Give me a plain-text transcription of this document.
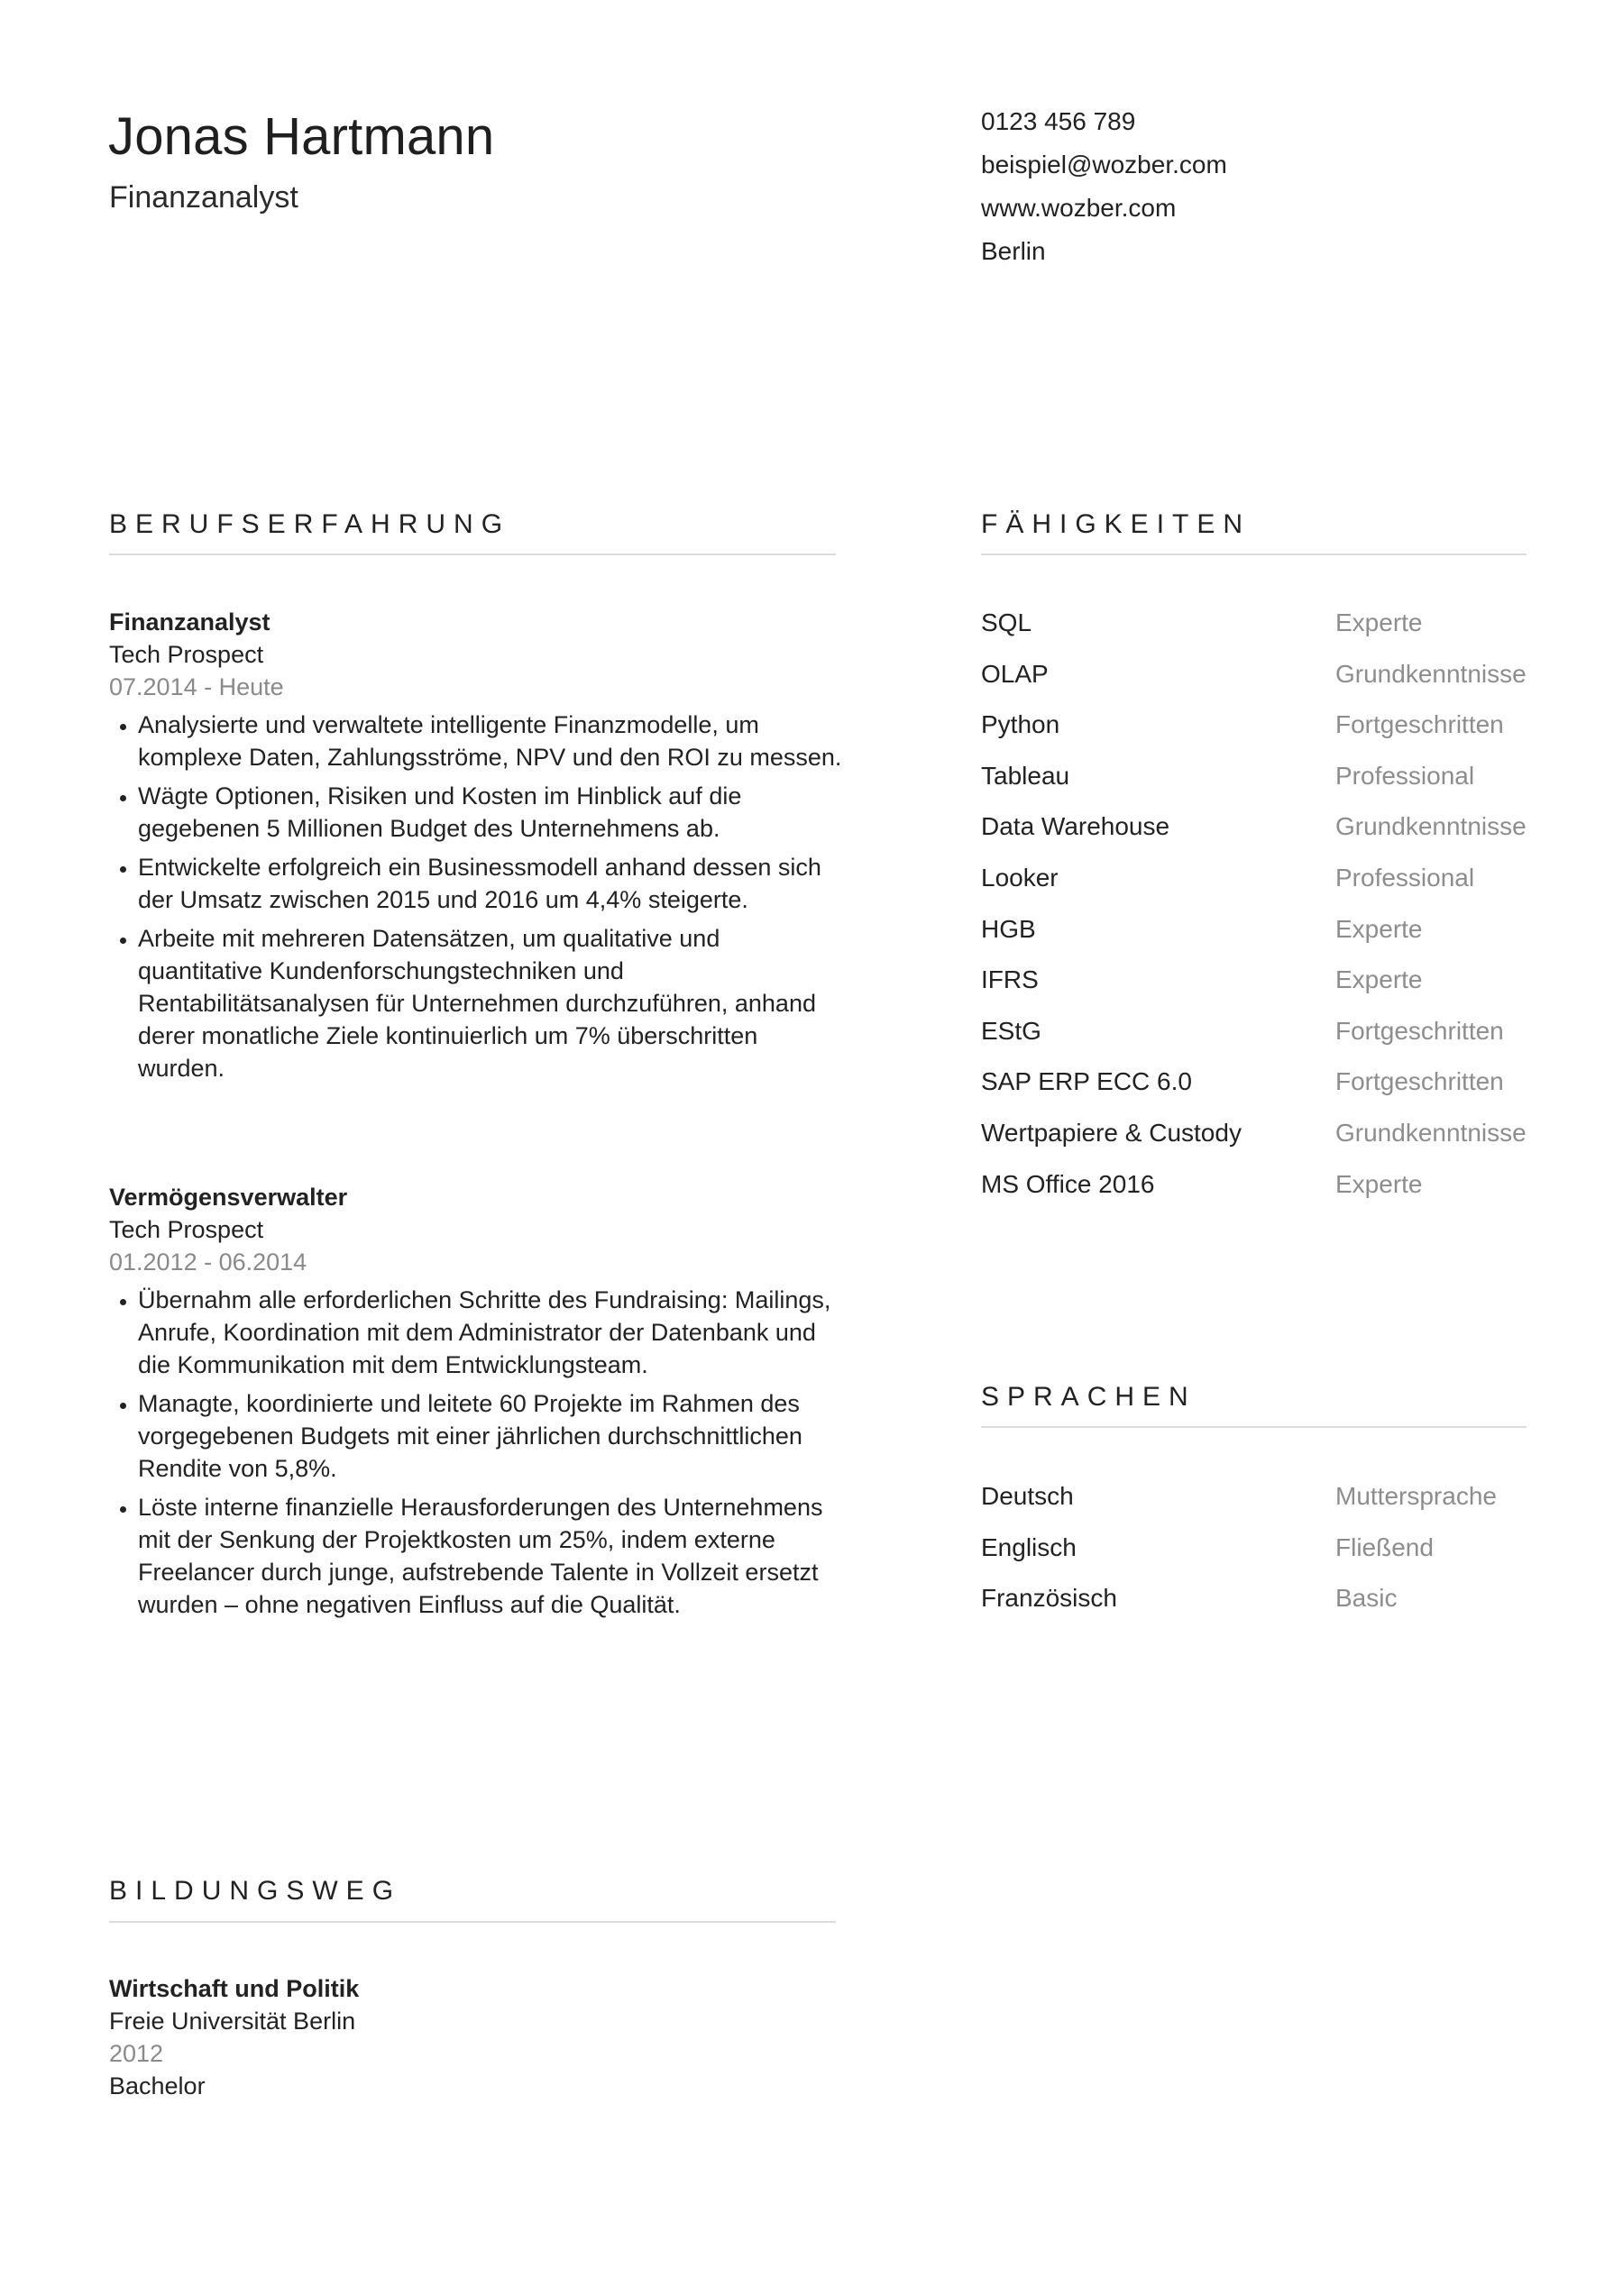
Jonas Hartmann
Finanzanalyst
0123 456 789
beispiel@wozber.com
www.wozber.com
Berlin
BERUFSERFAHRUNG
Finanzanalyst
Tech Prospect
07.2014 - Heute
• Analysierte und verwaltete intelligente Finanzmodelle, um komplexe Daten, Zahlungsströme, NPV und den ROI zu messen.
• Wägte Optionen, Risiken und Kosten im Hinblick auf die gegebenen 5 Millionen Budget des Unternehmens ab.
• Entwickelte erfolgreich ein Businessmodell anhand dessen sich der Umsatz zwischen 2015 und 2016 um 4,4% steigerte.
• Arbeite mit mehreren Datensätzen, um qualitative und quantitative Kundenforschungstechniken und Rentabilitätsanalysen für Unternehmen durchzuführen, anhand derer monatliche Ziele kontinuierlich um 7% überschritten wurden.
Vermögensverwalter
Tech Prospect
01.2012 - 06.2014
• Übernahm alle erforderlichen Schritte des Fundraising: Mailings, Anrufe, Koordination mit dem Administrator der Datenbank und die Kommunikation mit dem Entwicklungsteam.
• Managte, koordinierte und leitete 60 Projekte im Rahmen des vorgegebenen Budgets mit einer jährlichen durchschnittlichen Rendite von 5,8%.
• Löste interne finanzielle Herausforderungen des Unternehmens mit der Senkung der Projektkosten um 25%, indem externe Freelancer durch junge, aufstrebende Talente in Vollzeit ersetzt wurden – ohne negativen Einfluss auf die Qualität.
FÄHIGKEITEN
SQL	Experte
OLAP	Grundkenntnisse
Python	Fortgeschritten
Tableau	Professional
Data Warehouse	Grundkenntnisse
Looker	Professional
HGB	Experte
IFRS	Experte
EStG	Fortgeschritten
SAP ERP ECC 6.0	Fortgeschritten
Wertpapiere & Custody	Grundkenntnisse
MS Office 2016	Experte
SPRACHEN
Deutsch	Muttersprache
Englisch	Fließend
Französisch	Basic
BILDUNGSWEG
Wirtschaft und Politik
Freie Universität Berlin
2012
Bachelor
